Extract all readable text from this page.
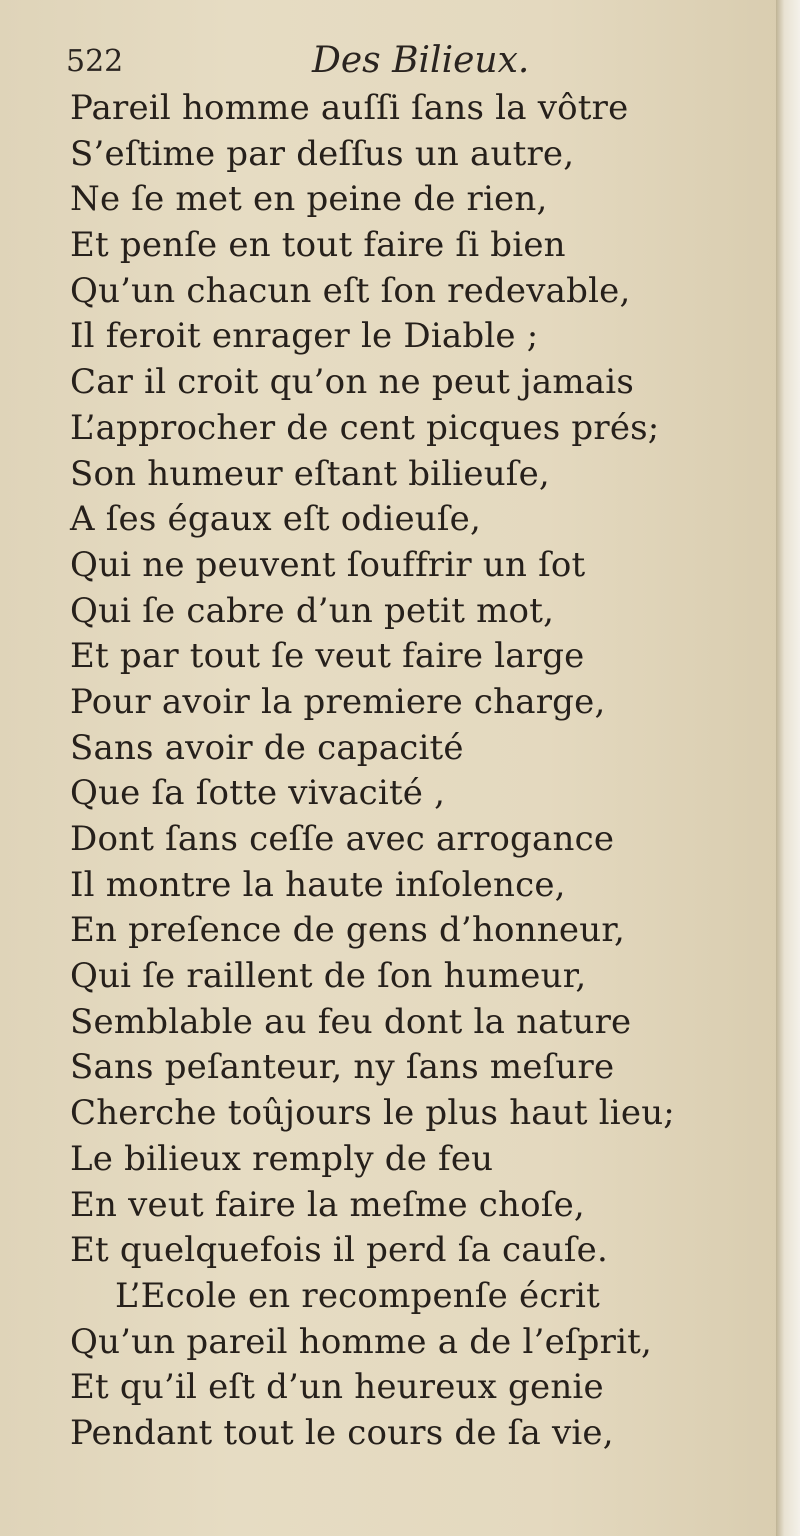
522	Des Bilieux.
Pareil homme auſſi ſans la vôtre
S’eſtime par deſſus un autre,
Ne ſe met en peine de rien,
Et penſe en tout faire ſi bien
Qu’un chacun eſt ſon redevable,
Il feroit enrager le Diable ;
Car il croit qu’on ne peut jamais
L’approcher de cent picques prés;
Son humeur eſtant bilieuſe,
A ſes égaux eſt odieuſe,
Qui ne peuvent ſouffrir un ſot
Qui ſe cabre d’un petit mot,
Et par tout ſe veut faire large
Pour avoir la premiere charge,
Sans avoir de capacité
Que ſa ſotte vivacité ,
Dont ſans ceſſe avec arrogance
Il montre la haute inſolence,
En preſence de gens d’honneur,
Qui ſe raillent de ſon humeur,
Semblable au feu dont la nature
Sans peſanteur, ny ſans meſure
Cherche toûjours le plus haut lieu;
Le bilieux remply de feu
En veut faire la meſme choſe,
Et quelquefois il perd ſa cauſe.
L’Ecole en recompenſe écrit
Qu’un pareil homme a de l’eſprit,
Et qu’il eſt d’un heureux genie
Pendant tout le cours de ſa vie,
